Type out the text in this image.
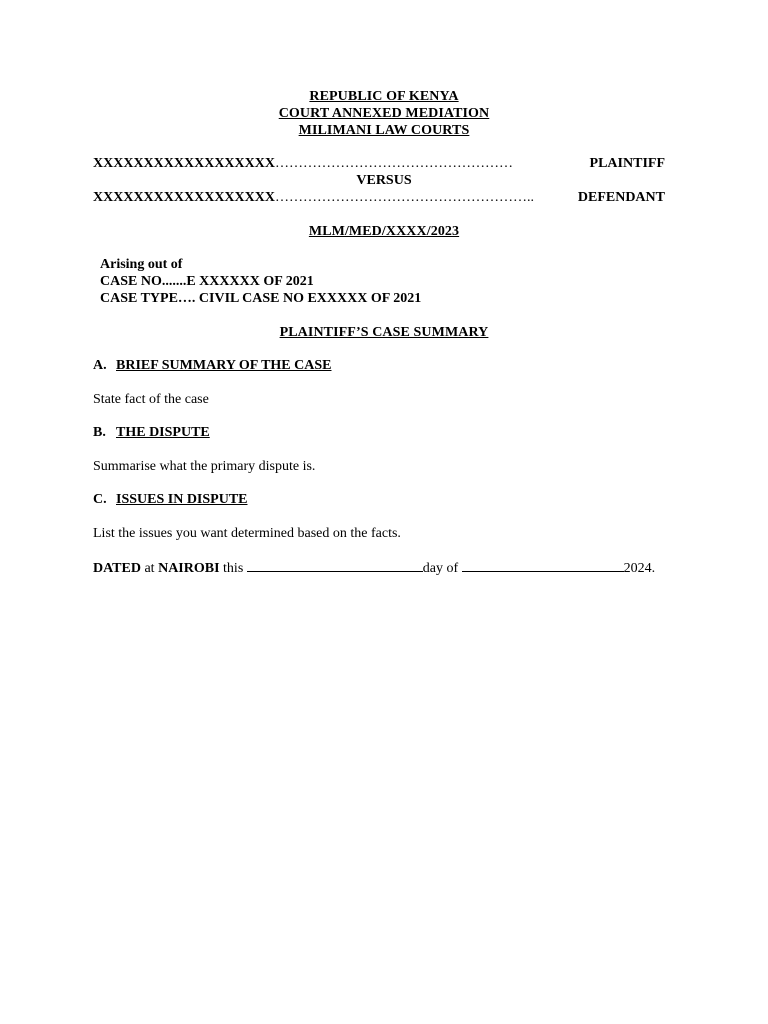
REPUBLIC OF KENYA
COURT ANNEXED MEDIATION
MILIMANI LAW COURTS
XXXXXXXXXXXXXXXXXX ……………………………………………	PLAINTIFF
VERSUS
XXXXXXXXXXXXXXXXXX ………………………………………………..	DEFENDANT
MLM/MED/XXXX/2023
Arising out of
CASE NO.......E XXXXXX OF 2021
CASE TYPE…. CIVIL CASE NO EXXXXX OF 2021
PLAINTIFF’S CASE SUMMARY
A. BRIEF SUMMARY OF THE CASE
State fact of the case
B. THE DISPUTE
Summarise what the primary dispute is.
C. ISSUES IN DISPUTE
List the issues you want determined based on the facts.
DATED at NAIROBI this	day of	2024.
